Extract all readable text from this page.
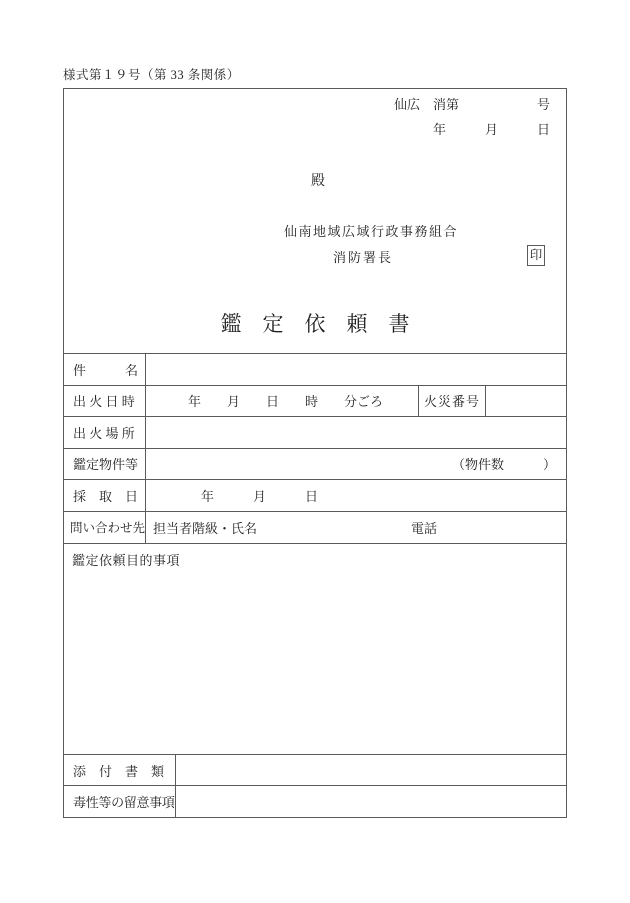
様式第１９号（第 33 条関係）
仙広　消第　　　　　　号
年　　　月　　　日
殿
仙南地域広域行政事務組合
消防署長	印
鑑　定　依　頼　書
件　　　名
出 火 日 時	年　　月　　日　　時　　分ごろ	火災番号
出 火 場 所
鑑定物件等	（物件数　　　）
採　取　日	年　　　月　　　日
問い合わせ先 担当者階級・氏名	電話
鑑定依頼目的事項
添　付　書　類
毒性等の留意事項
